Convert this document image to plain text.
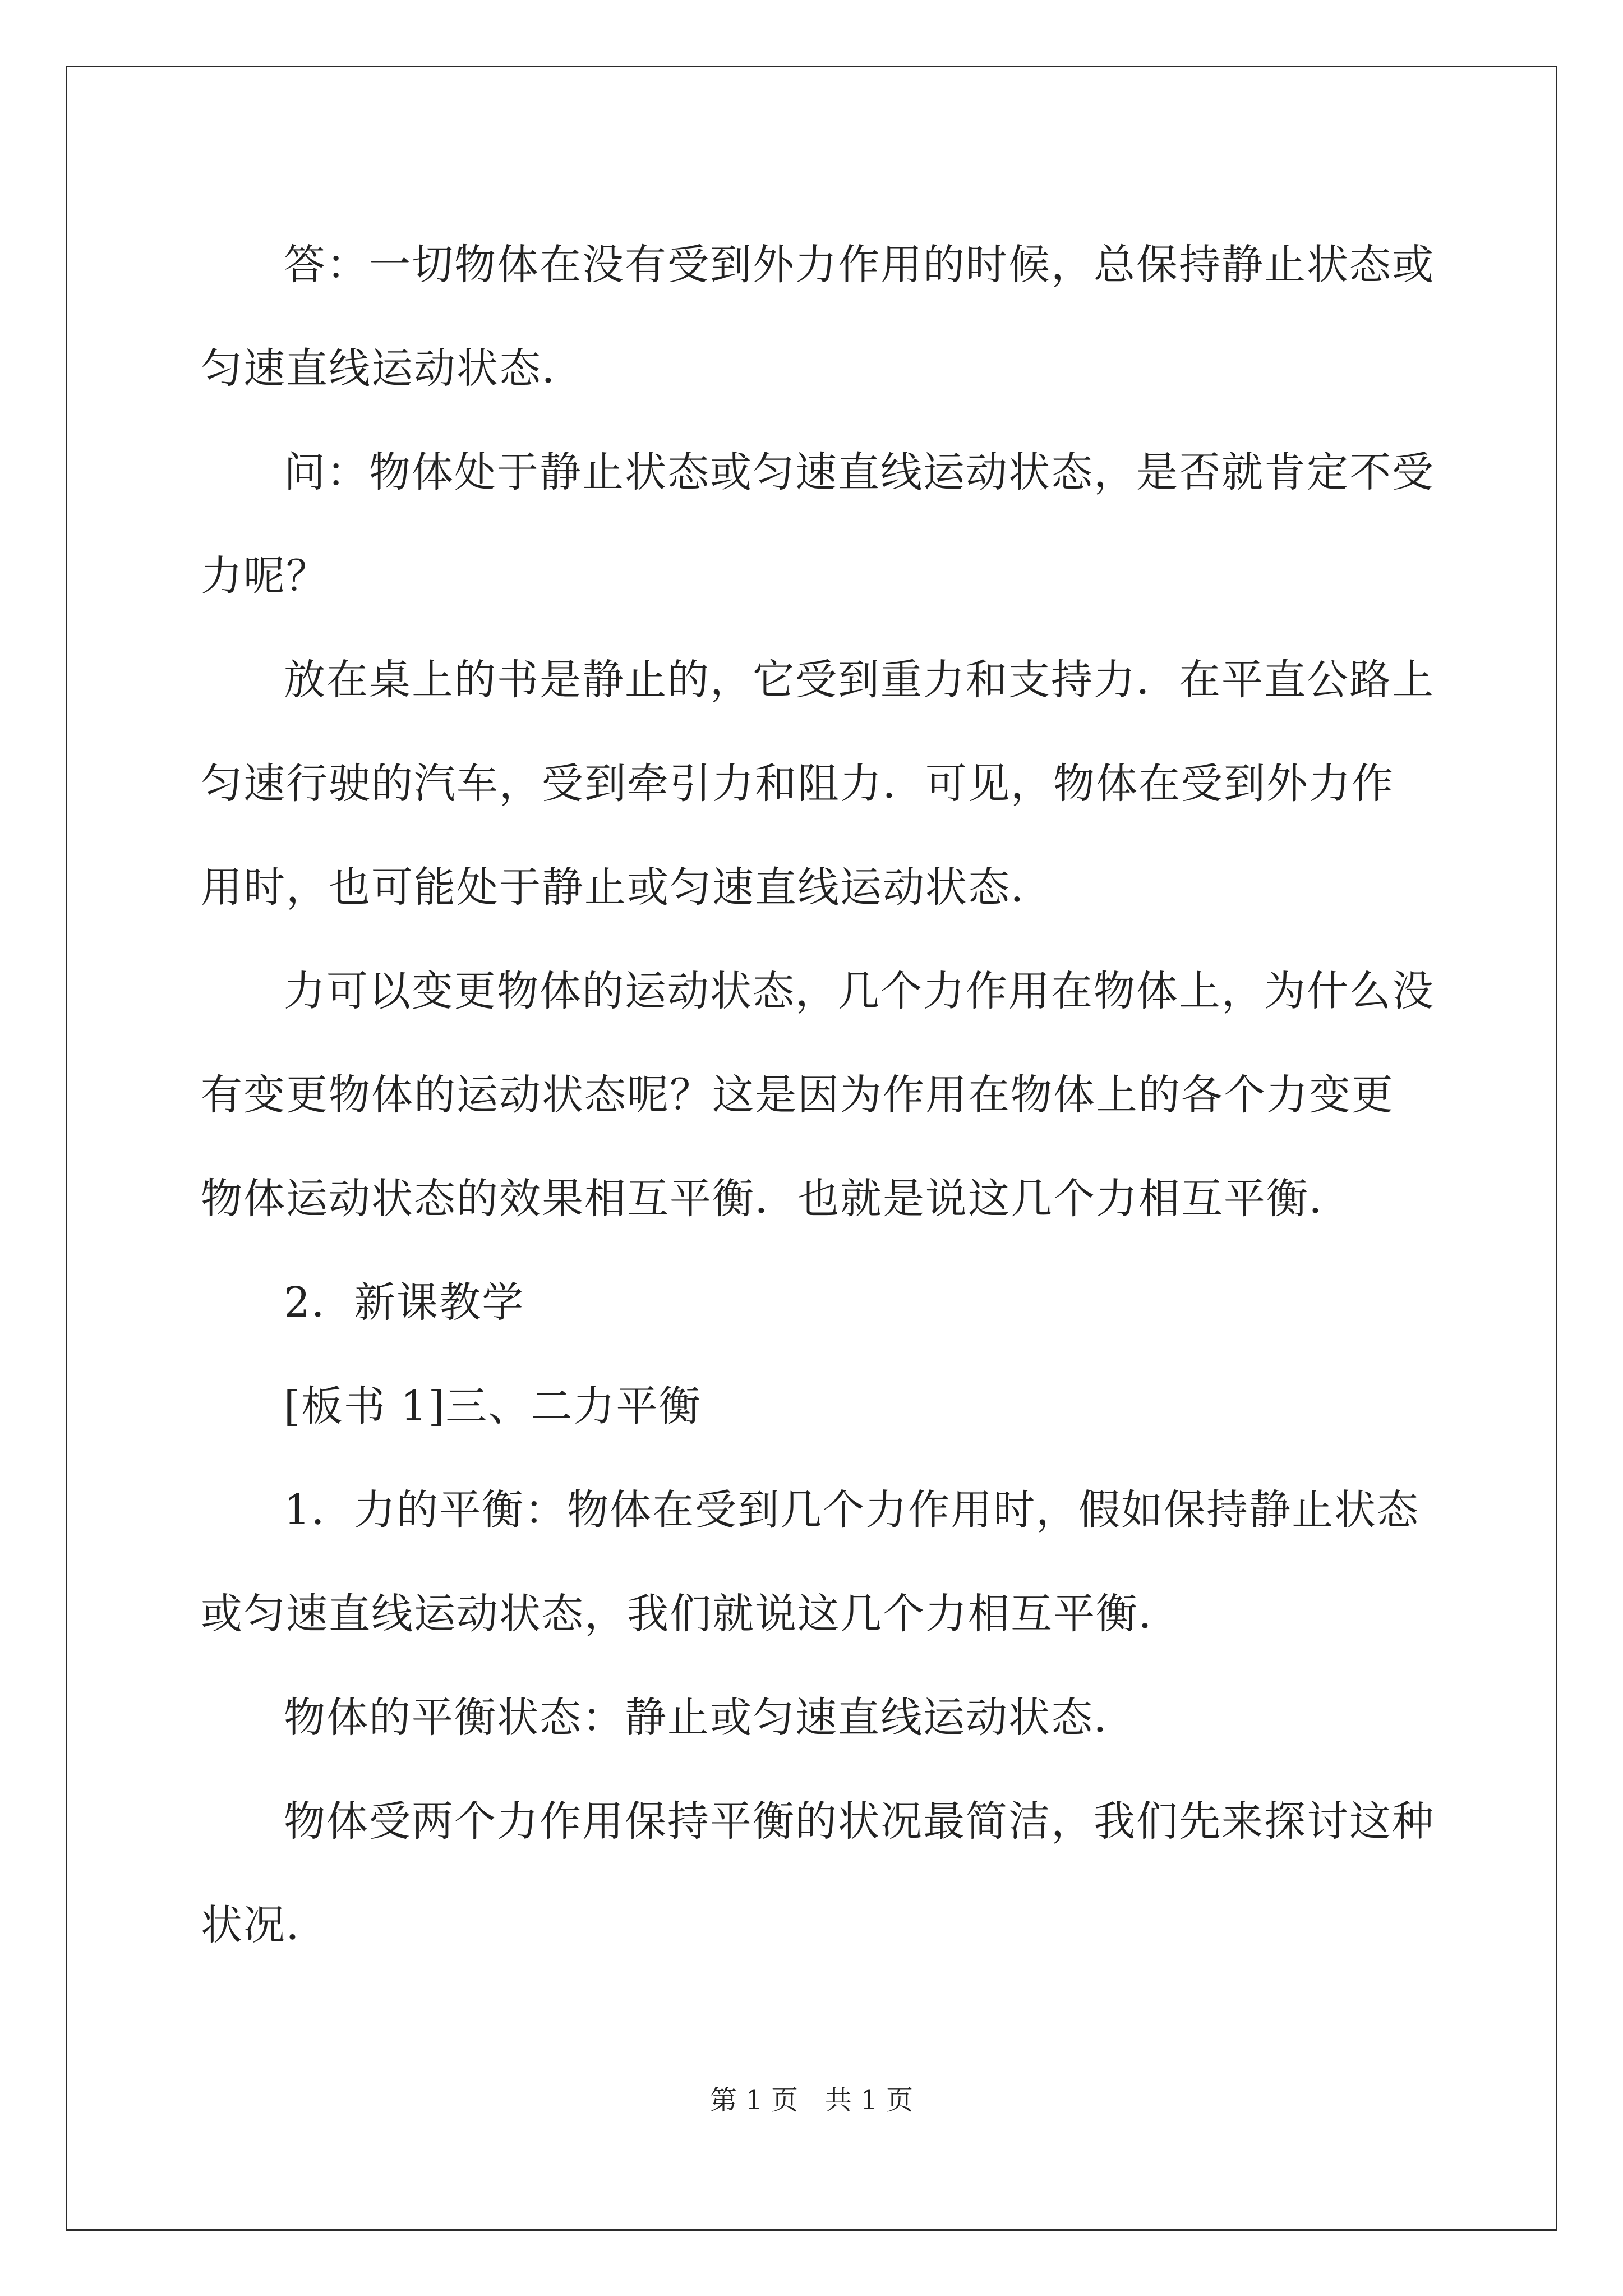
答：一切物体在没有受到外力作用的时候，总保持静止状态或匀速直线运动状态．

问：物体处于静止状态或匀速直线运动状态，是否就肯定不受力呢？

放在桌上的书是静止的，它受到重力和支持力．在平直公路上匀速行驶的汽车，受到牵引力和阻力．可见，物体在受到外力作用时，也可能处于静止或匀速直线运动状态．

力可以变更物体的运动状态，几个力作用在物体上，为什么没有变更物体的运动状态呢？这是因为作用在物体上的各个力变更物体运动状态的效果相互平衡．也就是说这几个力相互平衡．

2．新课教学

[板书 1]三、二力平衡

1．力的平衡：物体在受到几个力作用时，假如保持静止状态或匀速直线运动状态，我们就说这几个力相互平衡．

物体的平衡状态：静止或匀速直线运动状态．

物体受两个力作用保持平衡的状况最简洁，我们先来探讨这种状况．

第 1 页　共 1 页
